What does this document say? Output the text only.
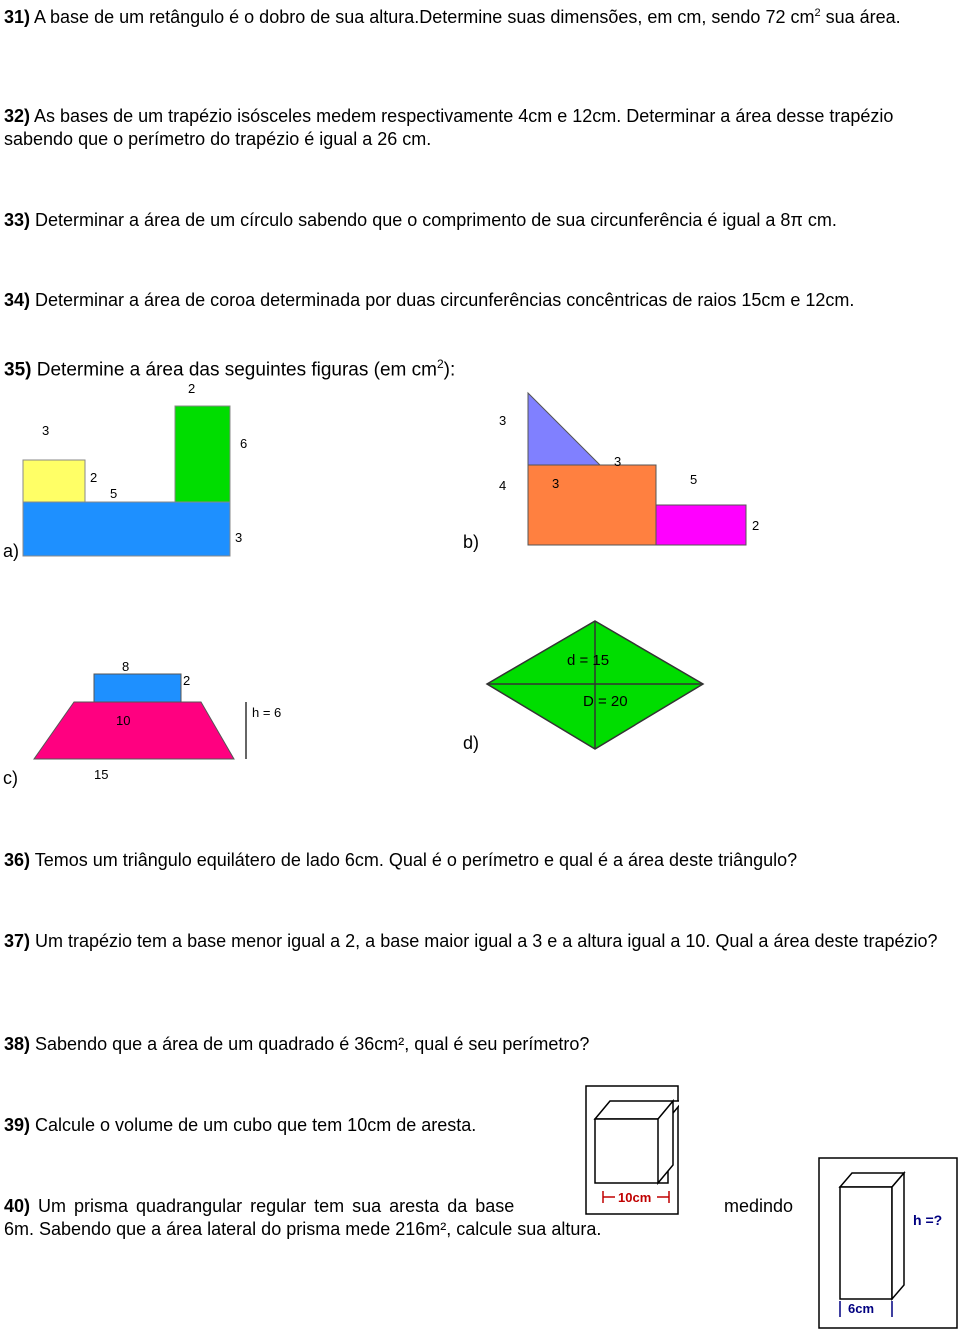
31) A base de um retângulo é o dobro de sua altura.Determine suas dimensões, em cm, sendo 72 $cm^2$ sua área.
32) As bases de um trapézio isósceles medem respectivamente 4cm e 12cm. Determinar a área desse trapézio sabendo que o perímetro do trapézio é igual a 26 cm.
33) Determinar a área de um círculo sabendo que o comprimento de sua circunferência é igual a 8π cm.
34) Determinar a área de coroa determinada por duas circunferências concêntricas de raios 15cm e 12cm.
35) Determine a área das seguintes figuras (em $cm^2$):
2
3
6
2
5
3
a)
3
3
4	3	5
2
b)
8
2
10
h = 6
15
c)
d = 15
D = 20
d)
36) Temos um triângulo equilátero de lado 6cm. Qual é o perímetro e qual é a área deste triângulo?
37) Um trapézio tem a base menor igual a 2, a base maior igual a 3 e a altura igual a 10. Qual a área deste trapézio?
38) Sabendo que a área de um quadrado é 36cm², qual é seu perímetro?
39) Calcule o volume de um cubo que tem 10cm de aresta.
10cm
40) Um prisma quadrangular regular tem sua aresta da base	medindo
6m. Sabendo que a área lateral do prisma mede 216m², calcule sua altura.	h =?
6cm
